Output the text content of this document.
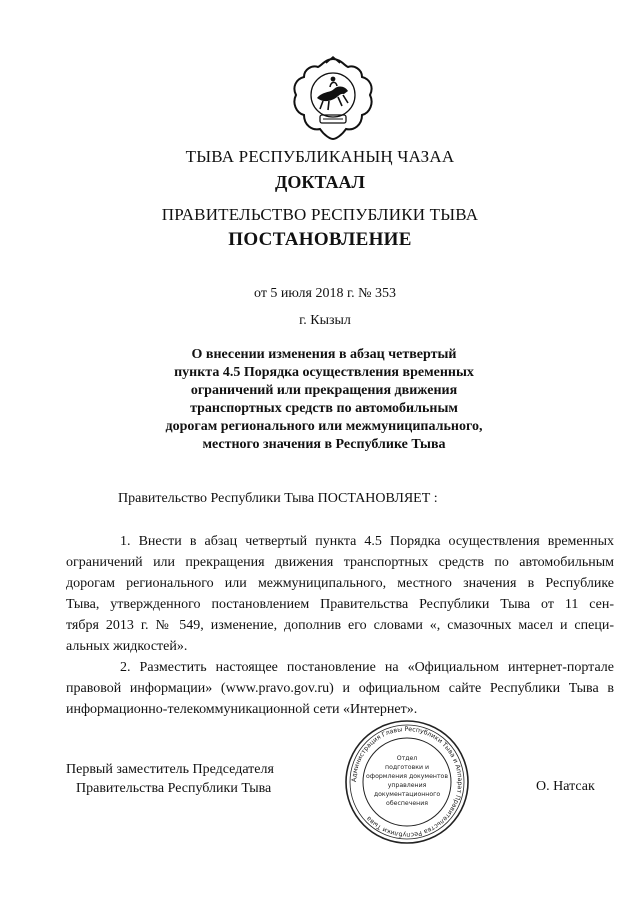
ТЫВА РЕСПУБЛИКАНЫҢ ЧАЗАА
ДОКТААЛ
ПРАВИТЕЛЬСТВО РЕСПУБЛИКИ ТЫВА
ПОСТАНОВЛЕНИЕ
от 5 июля 2018 г. № 353
г. Кызыл
О внесении изменения в абзац четвертый
пункта 4.5 Порядка осуществления временных
ограничений или прекращения движения
транспортных средств по автомобильным
дорогам регионального или межмуниципального,
местного значения в Республике Тыва
Правительство Республики Тыва ПОСТАНОВЛЯЕТ :
1. Внести в абзац четвертый пункта 4.5 Порядка осуществления временных
ограничений или прекращения движения транспортных средств по автомобильным
дорогам регионального или межмуниципального, местного значения в Республике
Тыва, утвержденного постановлением Правительства Республики Тыва от 11 сен-
тября 2013 г. № 549, изменение, дополнив его словами «, смазочных масел и специ-
альных жидкостей».
2. Разместить настоящее постановление на «Официальном интернет-портале
правовой информации» (www.pravo.gov.ru) и официальном сайте Республики Тыва в
информационно-телекоммуникационной сети «Интернет».
Первый заместитель Председателя
Правительства Республики Тыва	О. Натсак
Администрация Главы Республики Тыва и Аппарат Правительства Республики Тыва
Отдел
подготовки и
оформления документов
управления
документационного
обеспечения
